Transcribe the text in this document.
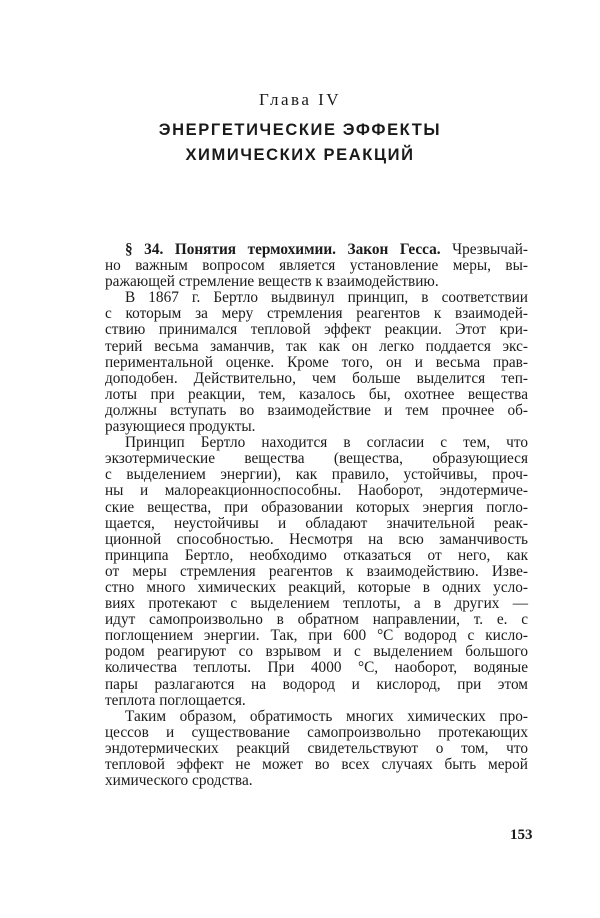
Глава IV
ЭНЕРГЕТИЧЕСКИЕ ЭФФЕКТЫ
ХИМИЧЕСКИХ РЕАКЦИЙ
§ 34. Понятия термохимии. Закон Гесса. Чрезвычай-
но важным вопросом является установление меры, вы-
ражающей стремление веществ к взаимодействию.
В 1867 г. Бертло выдвинул принцип, в соответствии
с которым за меру стремления реагентов к взаимодей-
ствию принимался тепловой эффект реакции. Этот кри-
терий весьма заманчив, так как он легко поддается экс-
периментальной оценке. Кроме того, он и весьма прав-
доподобен. Действительно, чем больше выделится теп-
лоты при реакции, тем, казалось бы, охотнее вещества
должны вступать во взаимодействие и тем прочнее об-
разующиеся продукты.
Принцип Бертло находится в согласии с тем, что
экзотермические вещества (вещества, образующиеся
с выделением энергии), как правило, устойчивы, проч-
ны и малореакционноспособны. Наоборот, эндотермиче-
ские вещества, при образовании которых энергия погло-
щается, неустойчивы и обладают значительной реак-
ционной способностью. Несмотря на всю заманчивость
принципа Бертло, необходимо отказаться от него, как
от меры стремления реагентов к взаимодействию. Изве-
стно много химических реакций, которые в одних усло-
виях протекают с выделением теплоты, а в других —
идут самопроизвольно в обратном направлении, т. е. с
поглощением энергии. Так, при 600 °С водород с кисло-
родом реагируют со взрывом и с выделением большого
количества теплоты. При 4000 °С, наоборот, водяные
пары разлагаются на водород и кислород, при этом
теплота поглощается.
Таким образом, обратимость многих химических про-
цессов и существование самопроизвольно протекающих
эндотермических реакций свидетельствуют о том, что
тепловой эффект не может во всех случаях быть мерой
химического сродства.
153
